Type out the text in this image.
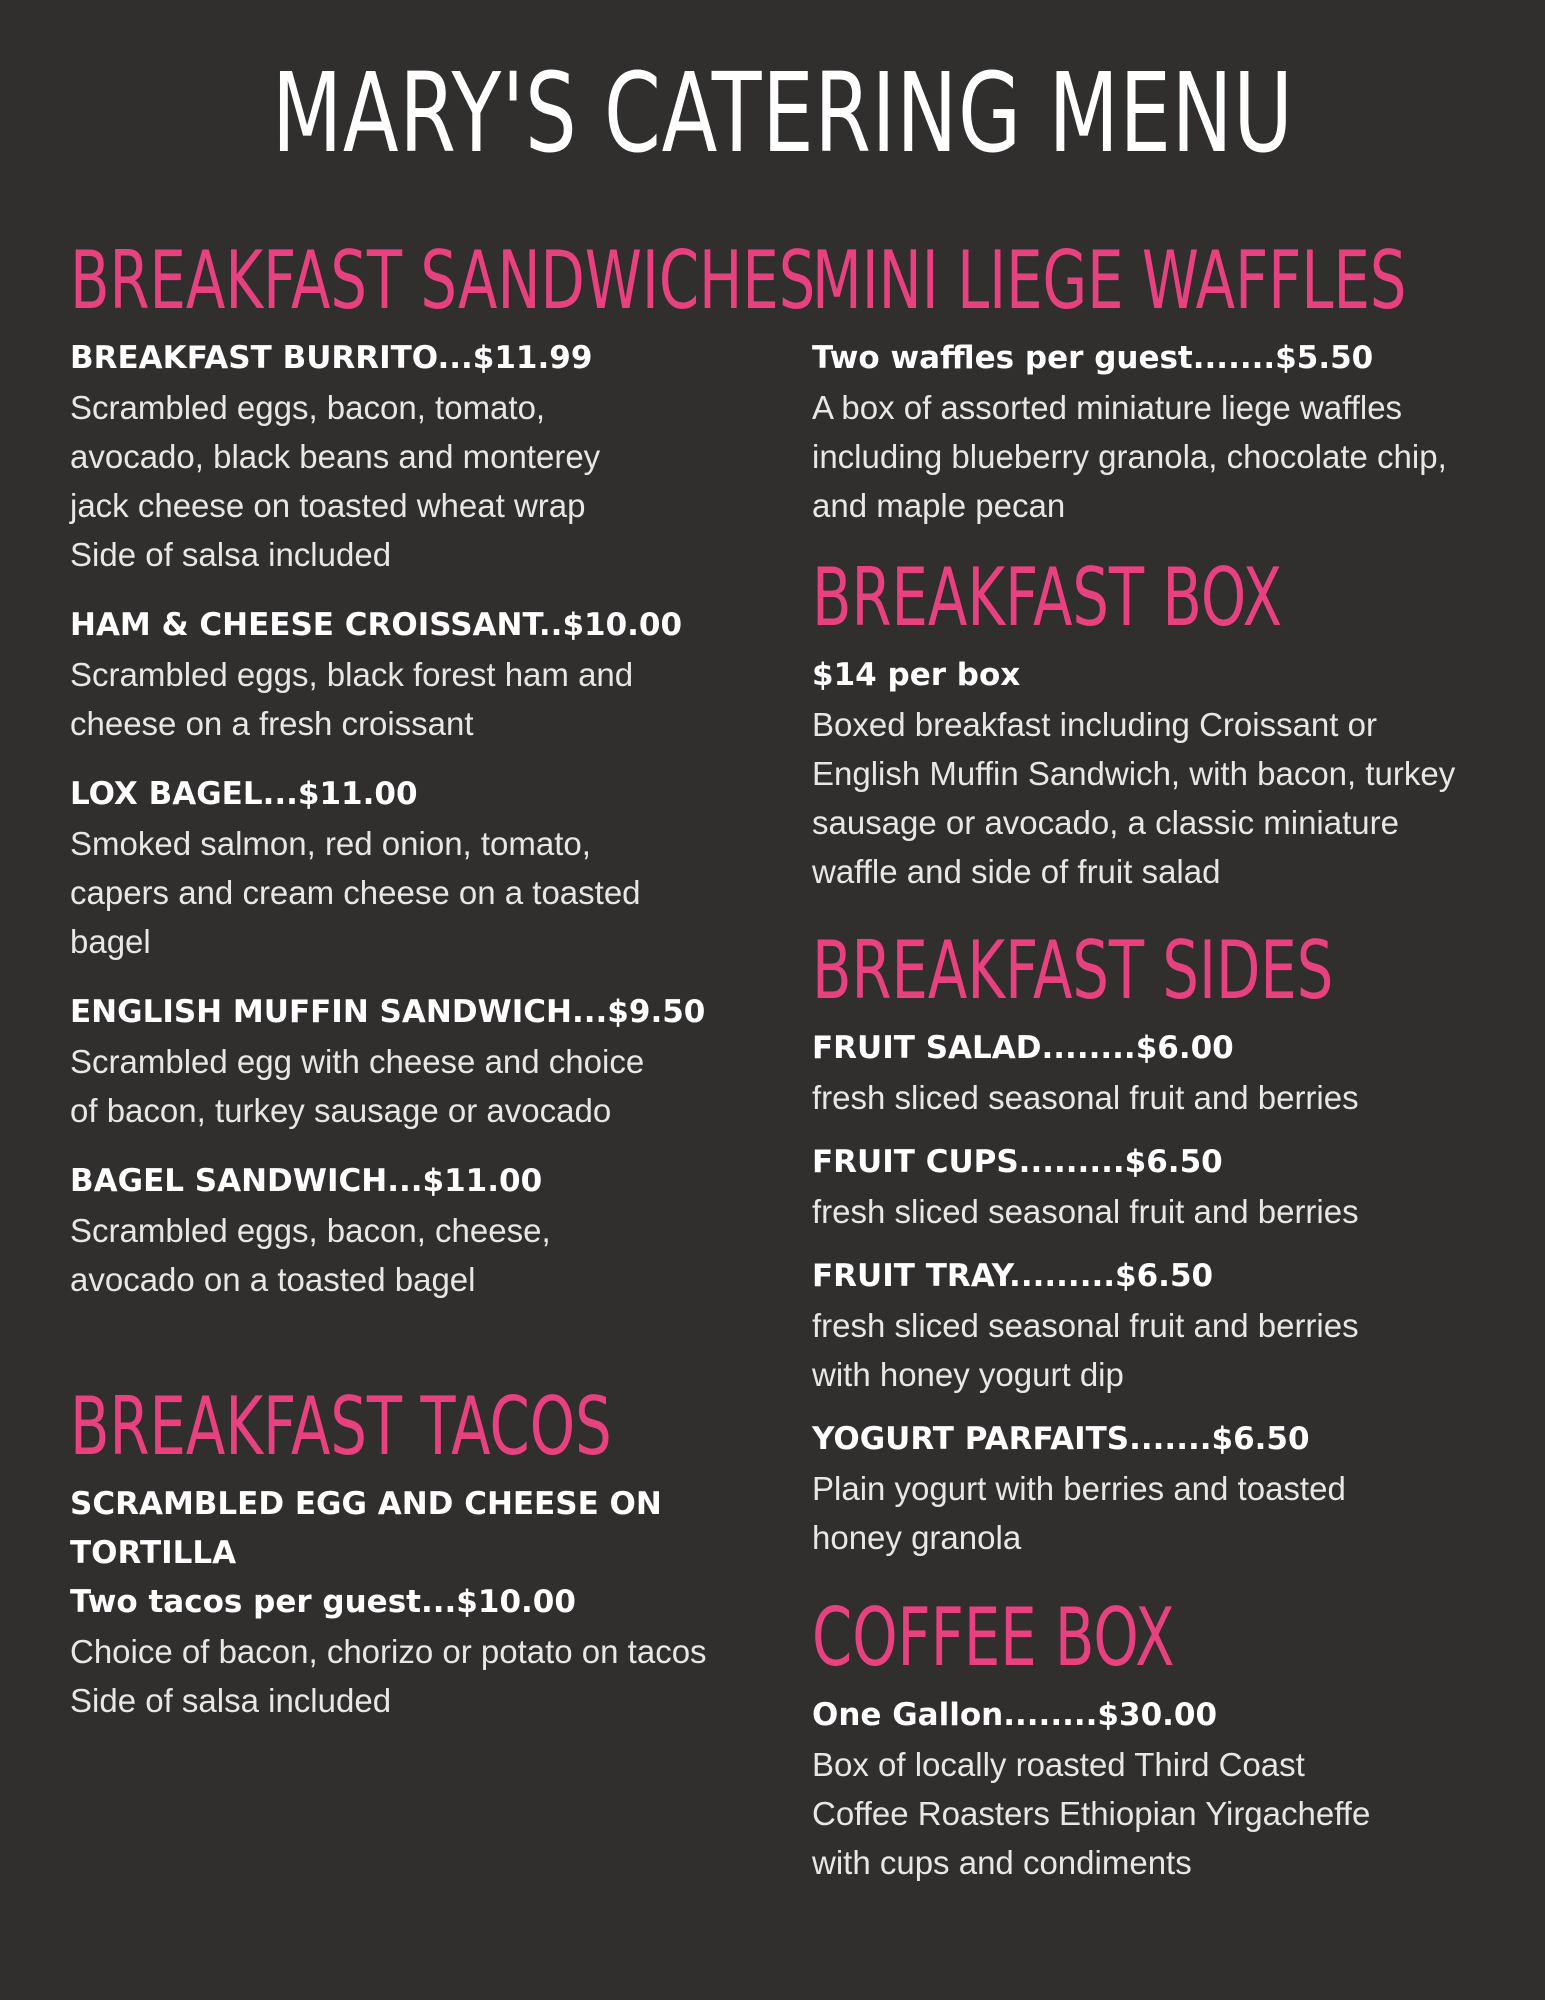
MARY'S CATERING MENU
BREAKFAST SANDWICHES
BREAKFAST BURRITO...$11.99
Scrambled eggs, bacon, tomato,
avocado, black beans and monterey
jack cheese on toasted wheat wrap
Side of salsa included
HAM & CHEESE CROISSANT..$10.00
Scrambled eggs, black forest ham and
cheese on a fresh croissant
LOX BAGEL...$11.00
Smoked salmon, red onion, tomato,
capers and cream cheese on a toasted
bagel
ENGLISH MUFFIN SANDWICH...$9.50
Scrambled egg with cheese and choice
of bacon, turkey sausage or avocado
BAGEL SANDWICH...$11.00
Scrambled eggs, bacon, cheese,
avocado on a toasted bagel
BREAKFAST TACOS
SCRAMBLED EGG AND CHEESE ON
TORTILLA
Two tacos per guest...$10.00
Choice of bacon, chorizo or potato on tacos
Side of salsa included
MINI LIEGE WAFFLES
Two waffles per guest.......$5.50
A box of assorted miniature liege waffles
including blueberry granola, chocolate chip,
and maple pecan
BREAKFAST BOX
$14 per box
Boxed breakfast including Croissant or
English Muffin Sandwich, with bacon, turkey
sausage or avocado, a classic miniature
waffle and side of fruit salad
BREAKFAST SIDES
FRUIT SALAD........$6.00
fresh sliced seasonal fruit and berries
FRUIT CUPS.........$6.50
fresh sliced seasonal fruit and berries
FRUIT TRAY.........$6.50
fresh sliced seasonal fruit and berries
with honey yogurt dip
YOGURT PARFAITS.......$6.50
Plain yogurt with berries and toasted
honey granola
COFFEE BOX
One Gallon........$30.00
Box of locally roasted Third Coast
Coffee Roasters Ethiopian Yirgacheffe
with cups and condiments
